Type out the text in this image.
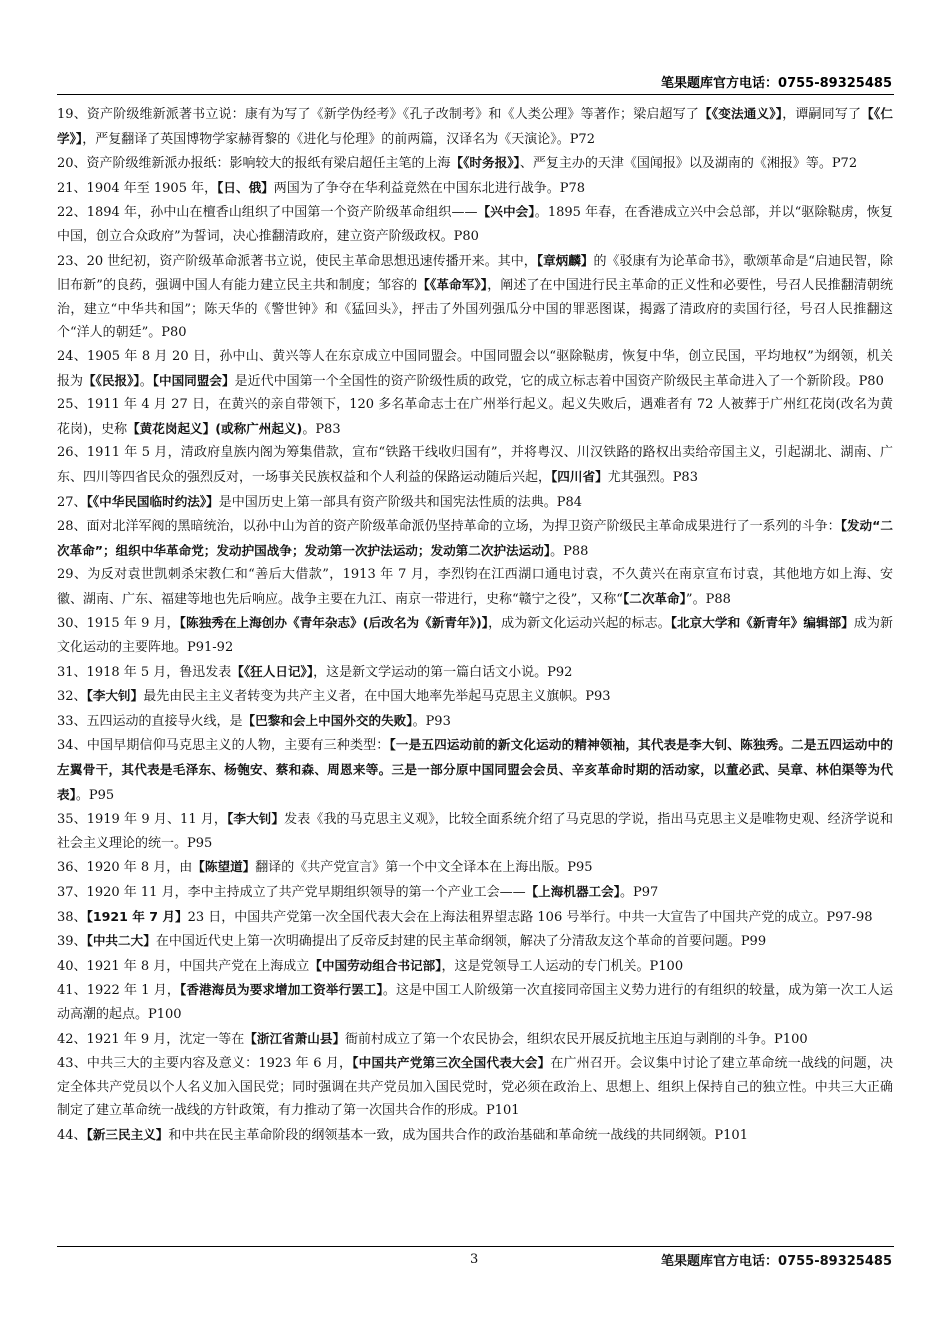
笔果题库官方电话：0755-89325485

19、资产阶级维新派著书立说：康有为写了《新学伪经考》《孔子改制考》和《人类公理》等著作；梁启超写了【《变法通义》】，谭嗣同写了【《仁学》】，严复翻译了英国博物学家赫胥黎的《进化与伦理》的前两篇，汉译名为《天演论》。P72

20、资产阶级维新派办报纸：影响较大的报纸有梁启超任主笔的上海【《时务报》】、严复主办的天津《国闻报》以及湖南的《湘报》等。P72

21、1904 年至 1905 年，【日、俄】两国为了争夺在华利益竟然在中国东北进行战争。P78

22、1894 年，孙中山在檀香山组织了中国第一个资产阶级革命组织——【兴中会】。1895 年春，在香港成立兴中会总部，并以“驱除鞑虏，恢复中国，创立合众政府”为誓词，决心推翻清政府，建立资产阶级政权。P80

23、20 世纪初，资产阶级革命派著书立说，使民主革命思想迅速传播开来。其中，【章炳麟】的《驳康有为论革命书》，歌颂革命是“启迪民智，除旧布新”的良药，强调中国人有能力建立民主共和制度；邹容的【《革命军》】，阐述了在中国进行民主革命的正义性和必要性，号召人民推翻清朝统治，建立“中华共和国”；陈天华的《警世钟》和《猛回头》，抨击了外国列强瓜分中国的罪恶图谋，揭露了清政府的卖国行径，号召人民推翻这个“洋人的朝廷”。P80

24、1905 年 8 月 20 日，孙中山、黄兴等人在东京成立中国同盟会。中国同盟会以“驱除鞑虏，恢复中华，创立民国，平均地权”为纲领，机关报为【《民报》】。【中国同盟会】是近代中国第一个全国性的资产阶级性质的政党，它的成立标志着中国资产阶级民主革命进入了一个新阶段。P80

25、1911 年 4 月 27 日，在黄兴的亲自带领下，120 多名革命志士在广州举行起义。起义失败后，遇难者有 72 人被葬于广州红花岗(改名为黄花岗)，史称【黄花岗起义】(或称广州起义)。P83

26、1911 年 5 月，清政府皇族内阁为筹集借款，宣布“铁路干线收归国有”，并将粤汉、川汉铁路的路权出卖给帝国主义，引起湖北、湖南、广东、四川等四省民众的强烈反对，一场事关民族权益和个人利益的保路运动随后兴起，【四川省】尤其强烈。P83

27、【《中华民国临时约法》】是中国历史上第一部具有资产阶级共和国宪法性质的法典。P84

28、面对北洋军阀的黑暗统治，以孙中山为首的资产阶级革命派仍坚持革命的立场，为捍卫资产阶级民主革命成果进行了一系列的斗争：【发动“二次革命”；组织中华革命党；发动护国战争；发动第一次护法运动；发动第二次护法运动】。P88

29、为反对袁世凯刺杀宋教仁和“善后大借款”，1913 年 7 月，李烈钧在江西湖口通电讨袁，不久黄兴在南京宣布讨袁，其他地方如上海、安徽、湖南、广东、福建等地也先后响应。战争主要在九江、南京一带进行，史称“赣宁之役”，又称“【二次革命】”。P88

30、1915 年 9 月，【陈独秀在上海创办《青年杂志》(后改名为《新青年》)】，成为新文化运动兴起的标志。【北京大学和《新青年》编辑部】成为新文化运动的主要阵地。P91-92

31、1918 年 5 月，鲁迅发表【《狂人日记》】，这是新文学运动的第一篇白话文小说。P92

32、【李大钊】最先由民主主义者转变为共产主义者，在中国大地率先举起马克思主义旗帜。P93

33、五四运动的直接导火线，是【巴黎和会上中国外交的失败】。P93

34、中国早期信仰马克思主义的人物，主要有三种类型：【一是五四运动前的新文化运动的精神领袖，其代表是李大钊、陈独秀。二是五四运动中的左翼骨干，其代表是毛泽东、杨匏安、蔡和森、周恩来等。三是一部分原中国同盟会会员、辛亥革命时期的活动家，以董必武、吴章、林伯渠等为代表】。P95

35、1919 年 9 月、11 月，【李大钊】发表《我的马克思主义观》，比较全面系统介绍了马克思的学说，指出马克思主义是唯物史观、经济学说和社会主义理论的统一。P95

36、1920 年 8 月，由【陈望道】翻译的《共产党宣言》第一个中文全译本在上海出版。P95

37、1920 年 11 月，李中主持成立了共产党早期组织领导的第一个产业工会——【上海机器工会】。P97

38、【1921 年 7 月】23 日，中国共产党第一次全国代表大会在上海法租界望志路 106 号举行。中共一大宣告了中国共产党的成立。P97-98

39、【中共二大】在中国近代史上第一次明确提出了反帝反封建的民主革命纲领，解决了分清敌友这个革命的首要问题。P99

40、1921 年 8 月，中国共产党在上海成立【中国劳动组合书记部】，这是党领导工人运动的专门机关。P100

41、1922 年 1 月，【香港海员为要求增加工资举行罢工】。这是中国工人阶级第一次直接同帝国主义势力进行的有组织的较量，成为第一次工人运动高潮的起点。P100

42、1921 年 9 月，沈定一等在【浙江省萧山县】衙前村成立了第一个农民协会，组织农民开展反抗地主压迫与剥削的斗争。P100

43、中共三大的主要内容及意义：1923 年 6 月，【中国共产党第三次全国代表大会】在广州召开。会议集中讨论了建立革命统一战线的问题，决定全体共产党员以个人名义加入国民党；同时强调在共产党员加入国民党时，党必须在政治上、思想上、组织上保持自己的独立性。中共三大正确制定了建立革命统一战线的方针政策，有力推动了第一次国共合作的形成。P101

44、【新三民主义】和中共在民主革命阶段的纲领基本一致，成为国共合作的政治基础和革命统一战线的共同纲领。P101

3	笔果题库官方电话：0755-89325485
